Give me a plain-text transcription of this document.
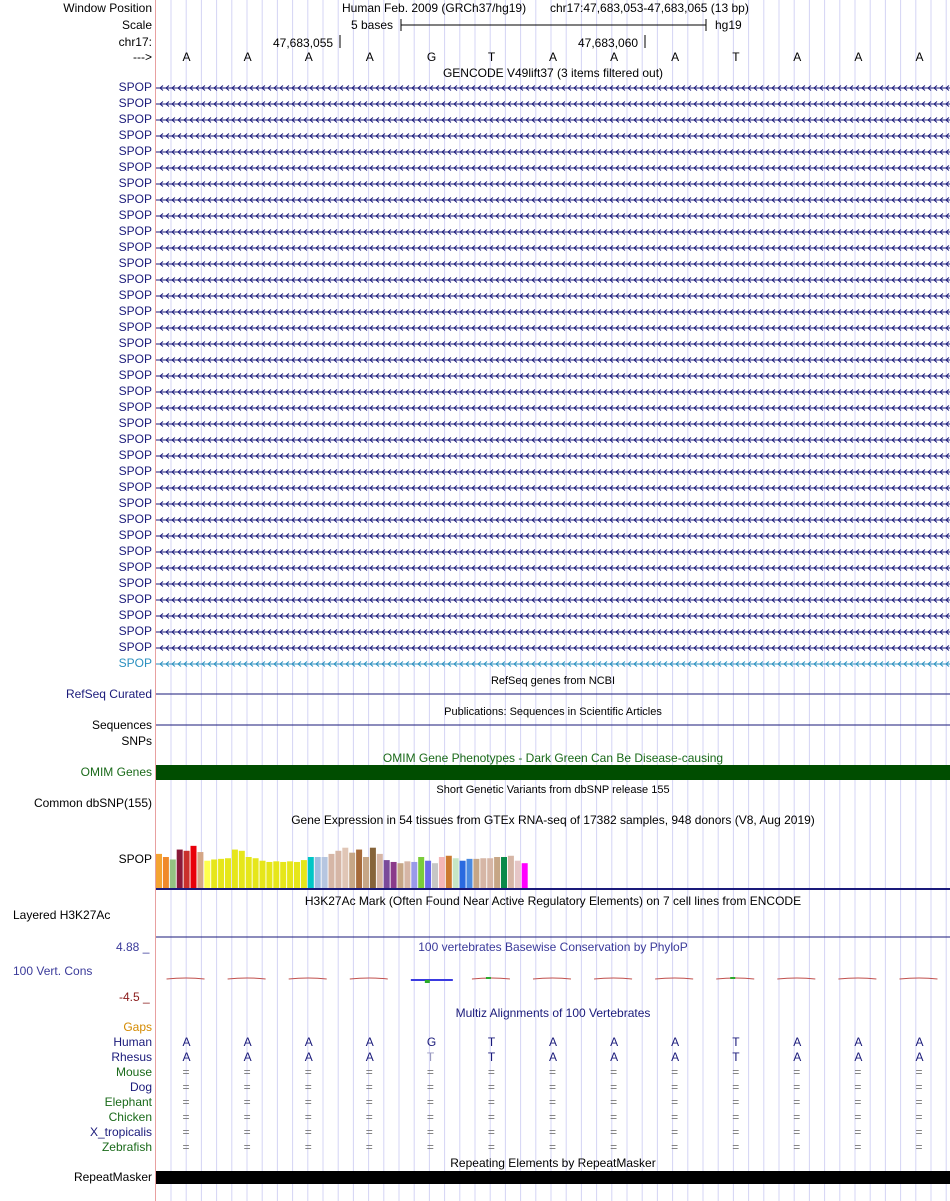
Window Position	Human Feb. 2009 (GRCh37/hg19) chr17:47,683,053-47,683,065 (13 bp)
Scale	5 bases	hg19
chr17:	47,683,055	47,683,060
--->	A	A	A	A	G	T	A	A	A	T	A	A	A
GENCODE V49lift37 (3 items filtered out)
SPOP
SPOP
SPOP
SPOP
SPOP
SPOP
SPOP
SPOP
SPOP
SPOP
SPOP
SPOP
SPOP
SPOP
SPOP
SPOP
SPOP
SPOP
SPOP
SPOP
SPOP
SPOP
SPOP
SPOP
SPOP
SPOP
SPOP
SPOP
SPOP
SPOP
SPOP
SPOP
SPOP
SPOP
SPOP
SPOP
SPOP
RefSeq genes from NCBI
RefSeq Curated
Publications: Sequences in Scientific Articles
Sequences
SNPs
OMIM Gene Phenotypes - Dark Green Can Be Disease-causing
OMIM Genes
Short Genetic Variants from dbSNP release 155
Common dbSNP(155)
Gene Expression in 54 tissues from GTEx RNA-seq of 17382 samples, 948 donors (V8, Aug 2019)
SPOP
H3K27Ac Mark (Often Found Near Active Regulatory Elements) on 7 cell lines from ENCODE
Layered H3K27Ac
100 vertebrates Basewise Conservation by PhyloP
4.88 _
100 Vert. Cons
-4.5 _
Multiz Alignments of 100 Vertebrates
Gaps
Human	A	A	A	A	G	T	A	A	A	T	A	A	A
Rhesus	A	A	A	A	T	T	A	A	A	T	A	A	A
Mouse	=	=	=	=	=	=	=	=	=	=	=	=	=
Dog	=	=	=	=	=	=	=	=	=	=	=	=	=
Elephant	=	=	=	=	=	=	=	=	=	=	=	=	=
Chicken	=	=	=	=	=	=	=	=	=	=	=	=	=
X_tropicalis	=	=	=	=	=	=	=	=	=	=	=	=	=
Zebrafish	=	=	=	=	=	=	=	=	=	=	=	=	=
Repeating Elements by RepeatMasker
RepeatMasker
